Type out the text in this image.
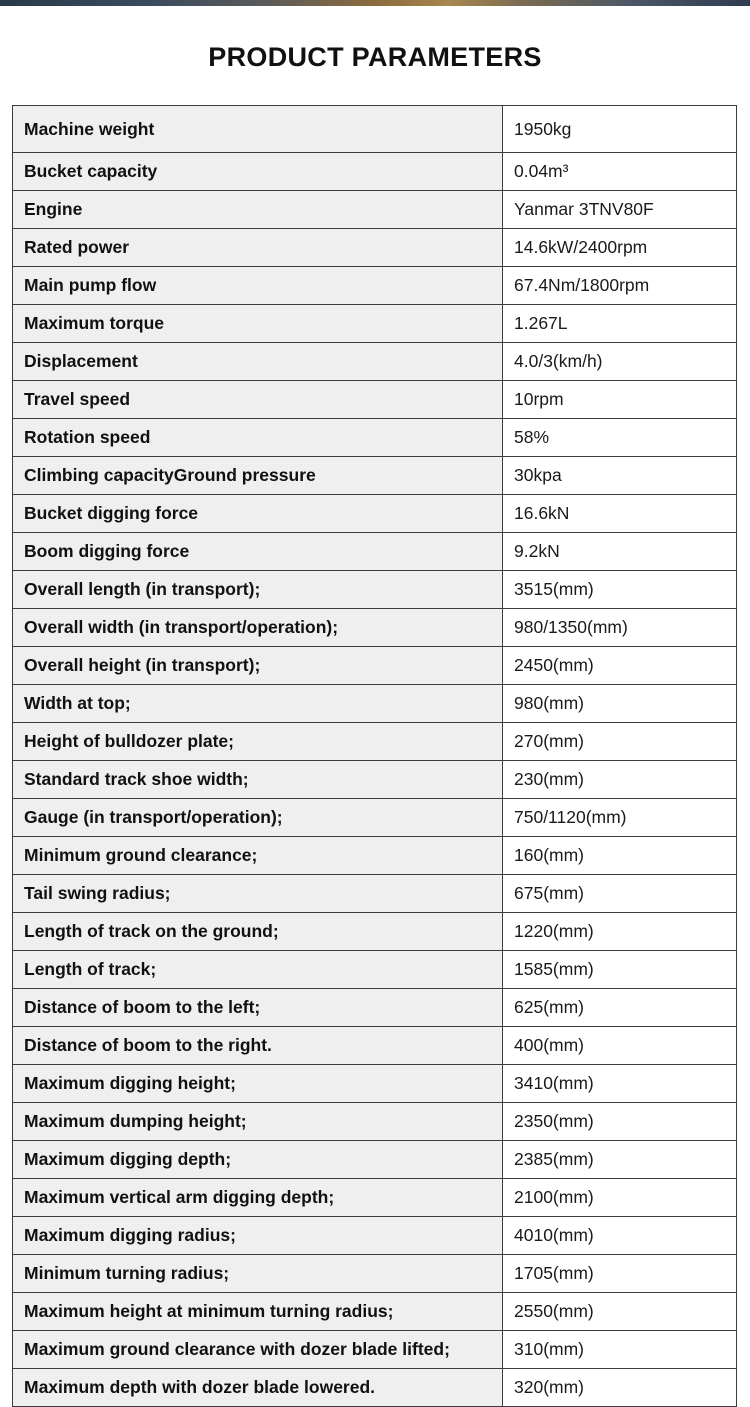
PRODUCT PARAMETERS
Machine weight	1950kg
Bucket capacity	0.04m³
Engine	Yanmar 3TNV80F
Rated power	14.6kW/2400rpm
Main pump flow	67.4Nm/1800rpm
Maximum torque	1.267L
Displacement	4.0/3(km/h)
Travel speed	10rpm
Rotation speed	58%
Climbing capacityGround pressure	30kpa
Bucket digging force	16.6kN
Boom digging force	9.2kN
Overall length (in transport);	3515(mm)
Overall width (in transport/operation);	980/1350(mm)
Overall height (in transport);	2450(mm)
Width at top;	980(mm)
Height of bulldozer plate;	270(mm)
Standard track shoe width;	230(mm)
Gauge (in transport/operation);	750/1120(mm)
Minimum ground clearance;	160(mm)
Tail swing radius;	675(mm)
Length of track on the ground;	1220(mm)
Length of track;	1585(mm)
Distance of boom to the left;	625(mm)
Distance of boom to the right.	400(mm)
Maximum digging height;	3410(mm)
Maximum dumping height;	2350(mm)
Maximum digging depth;	2385(mm)
Maximum vertical arm digging depth;	2100(mm)
Maximum digging radius;	4010(mm)
Minimum turning radius;	1705(mm)
Maximum height at minimum turning radius;	2550(mm)
Maximum ground clearance with dozer blade lifted;	310(mm)
Maximum depth with dozer blade lowered.	320(mm)
